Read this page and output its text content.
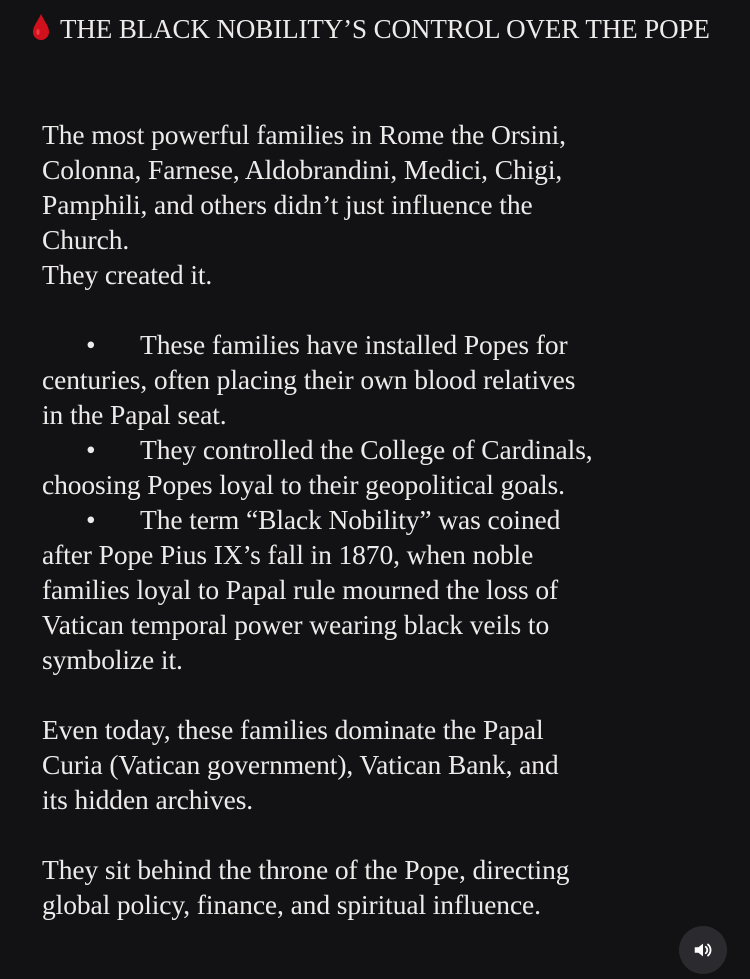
THE BLACK NOBILITY’S CONTROL OVER THE POPE

The most powerful families in Rome the Orsini,

Colonna, Farnese, Aldobrandini, Medici, Chigi,

Pamphili, and others didn’t just influence the

Church.

They created it.

• These families have installed Popes for

centuries, often placing their own blood relatives

in the Papal seat.

• They controlled the College of Cardinals,

choosing Popes loyal to their geopolitical goals.

• The term “Black Nobility” was coined

after Pope Pius IX’s fall in 1870, when noble

families loyal to Papal rule mourned the loss of

Vatican temporal power wearing black veils to

symbolize it.

Even today, these families dominate the Papal

Curia (Vatican government), Vatican Bank, and

its hidden archives.

They sit behind the throne of the Pope, directing

global policy, finance, and spiritual influence.
